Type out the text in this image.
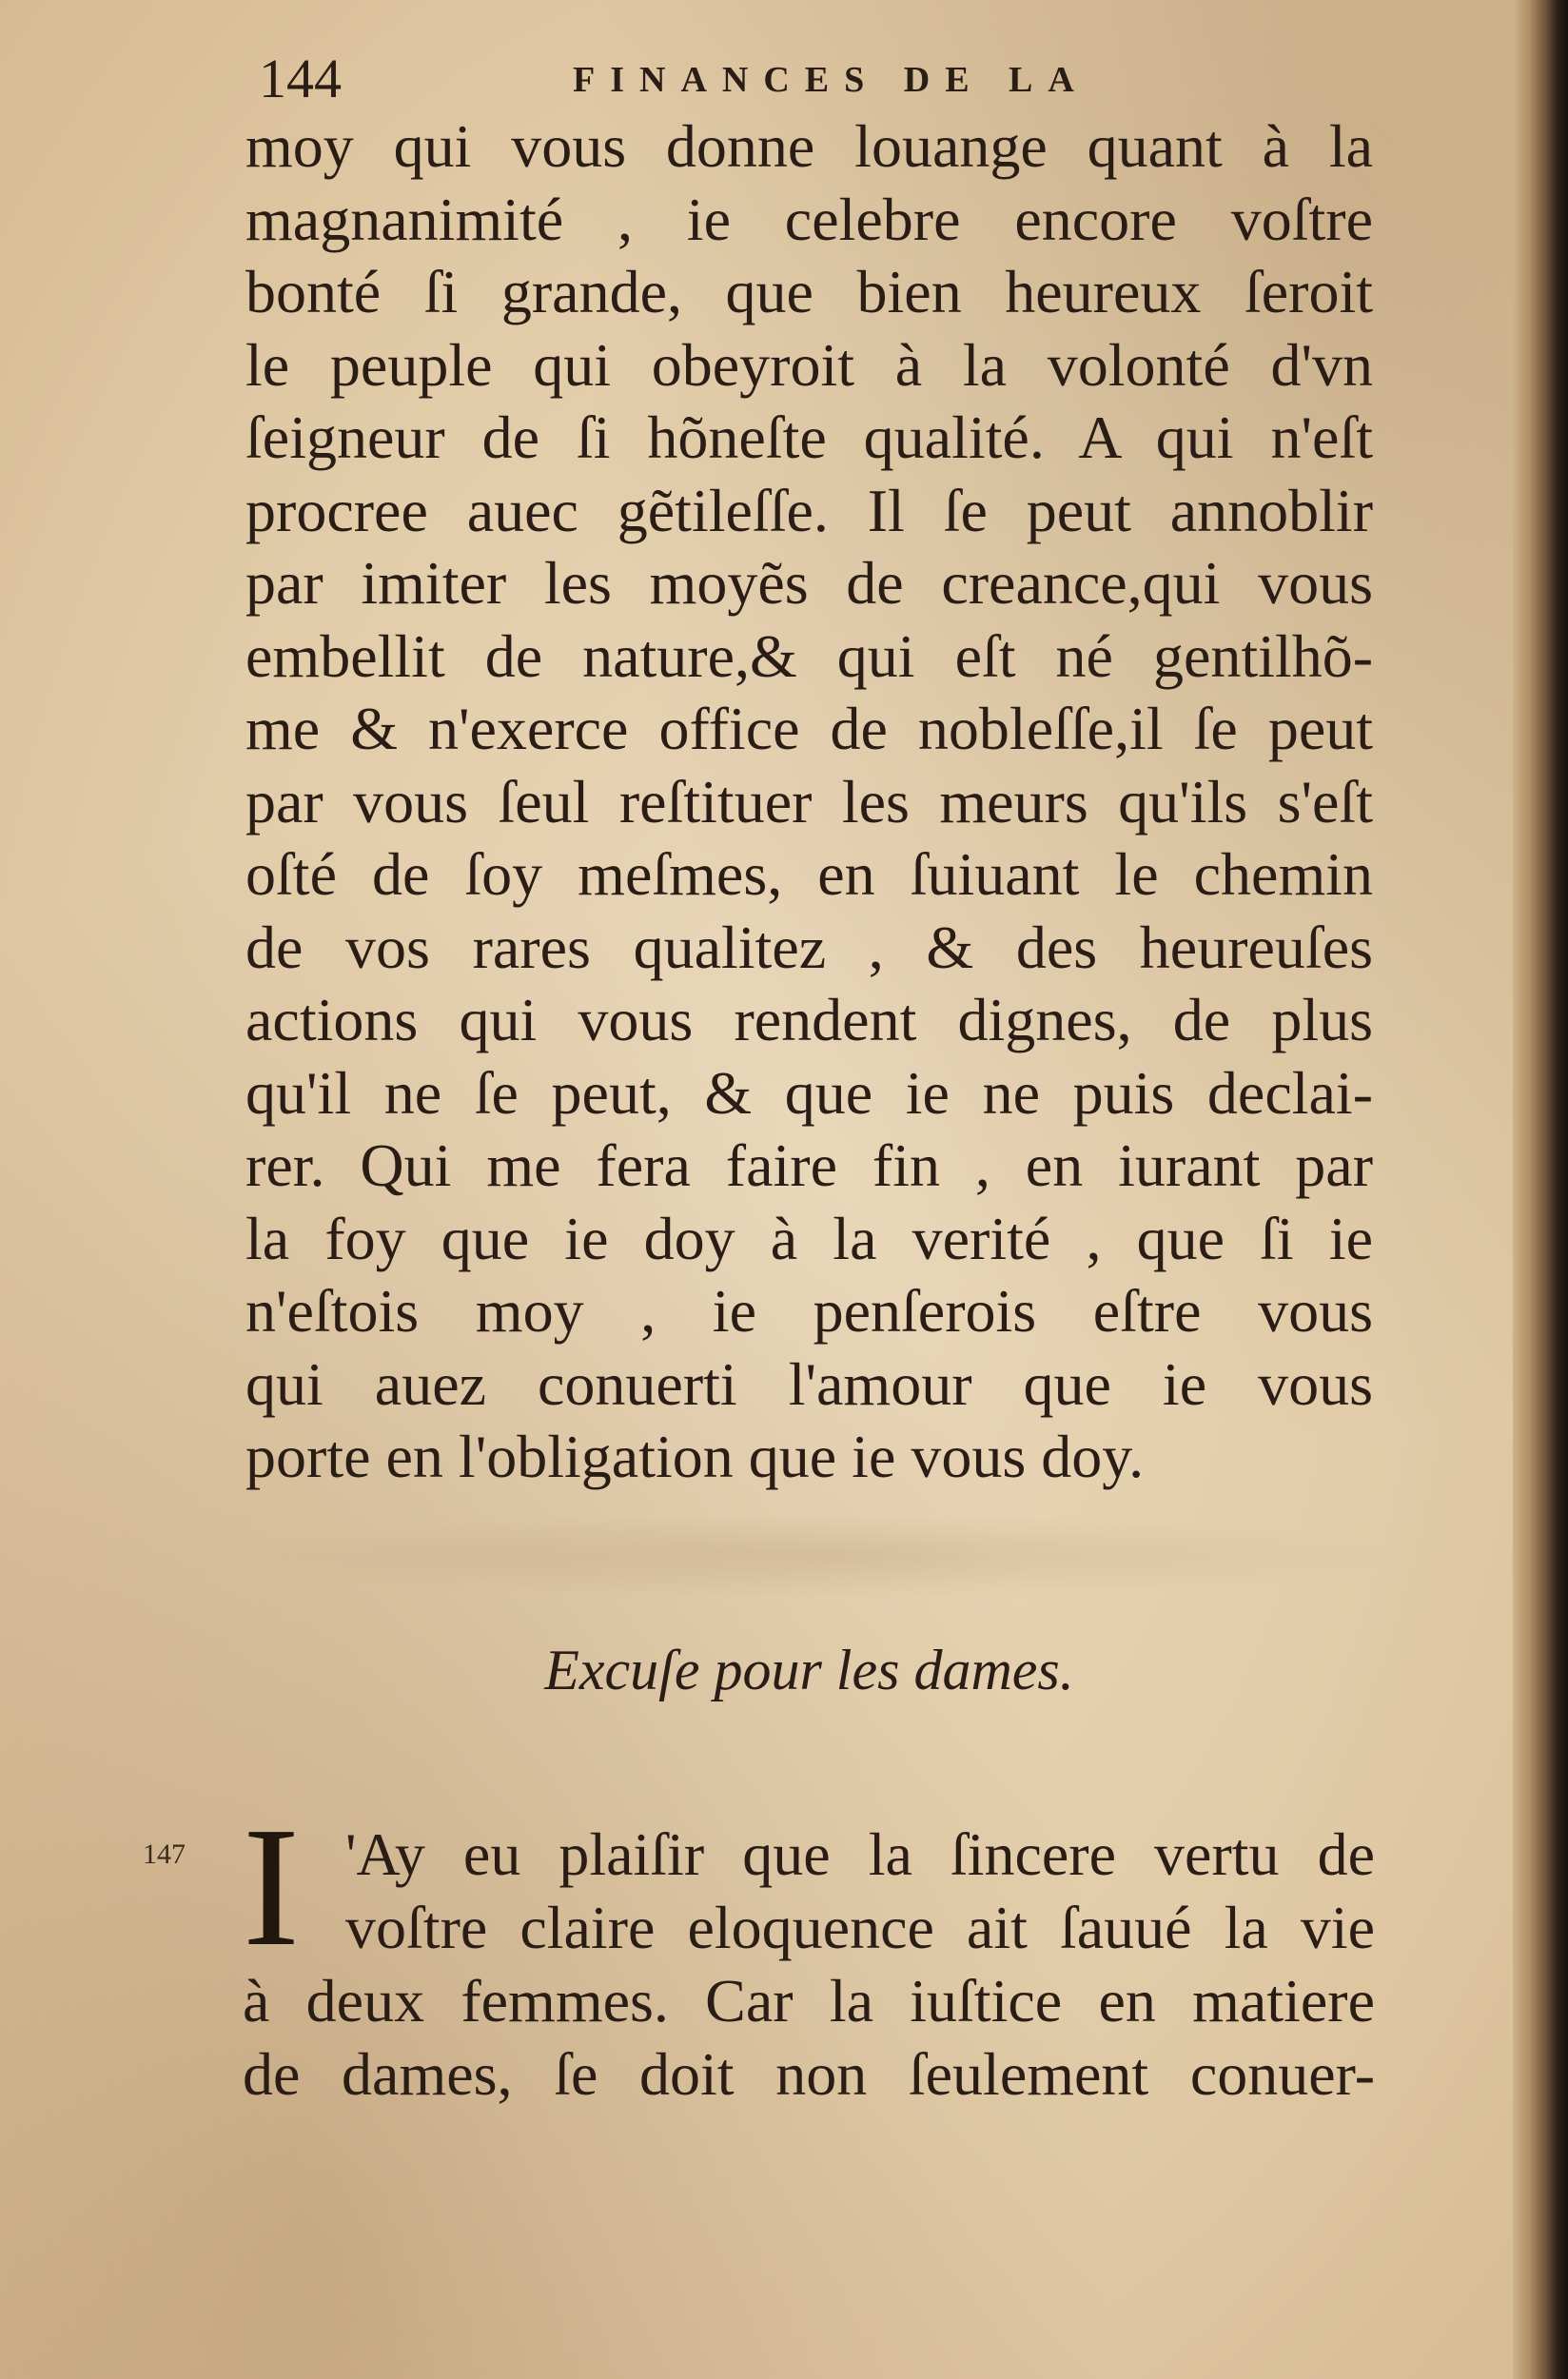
144	FINANCES DE LA
moy qui vous donne louange quant à la
magnanimité , ie celebre encore voſtre
bonté ſi grande, que bien heureux ſeroit
le peuple qui obeyroit à la volonté d'vn
ſeigneur de ſi hõneſte qualité. A qui n'eſt
procree auec gẽtileſſe. Il ſe peut annoblir
par imiter les moyẽs de creance,qui vous
embellit de nature,& qui eſt né gentilhõ-
me & n'exerce office de nobleſſe,il ſe peut
par vous ſeul reſtituer les meurs qu'ils s'eſt
oſté de ſoy meſmes, en ſuiuant le chemin
de vos rares qualitez , & des heureuſes
actions qui vous rendent dignes, de plus
qu'il ne ſe peut, & que ie ne puis declai-
rer. Qui me fera faire fin , en iurant par
la foy que ie doy à la verité , que ſi ie
n'eſtois moy , ie penſerois eſtre vous
qui auez conuerti l'amour que ie vous
porte en l'obligation que ie vous doy.
Excuſe pour les dames.
147 I 'Ay eu plaiſir que la ſincere vertu de
voſtre claire eloquence ait ſauué la vie
à deux femmes. Car la iuſtice en matiere
de dames, ſe doit non ſeulement conuer-
